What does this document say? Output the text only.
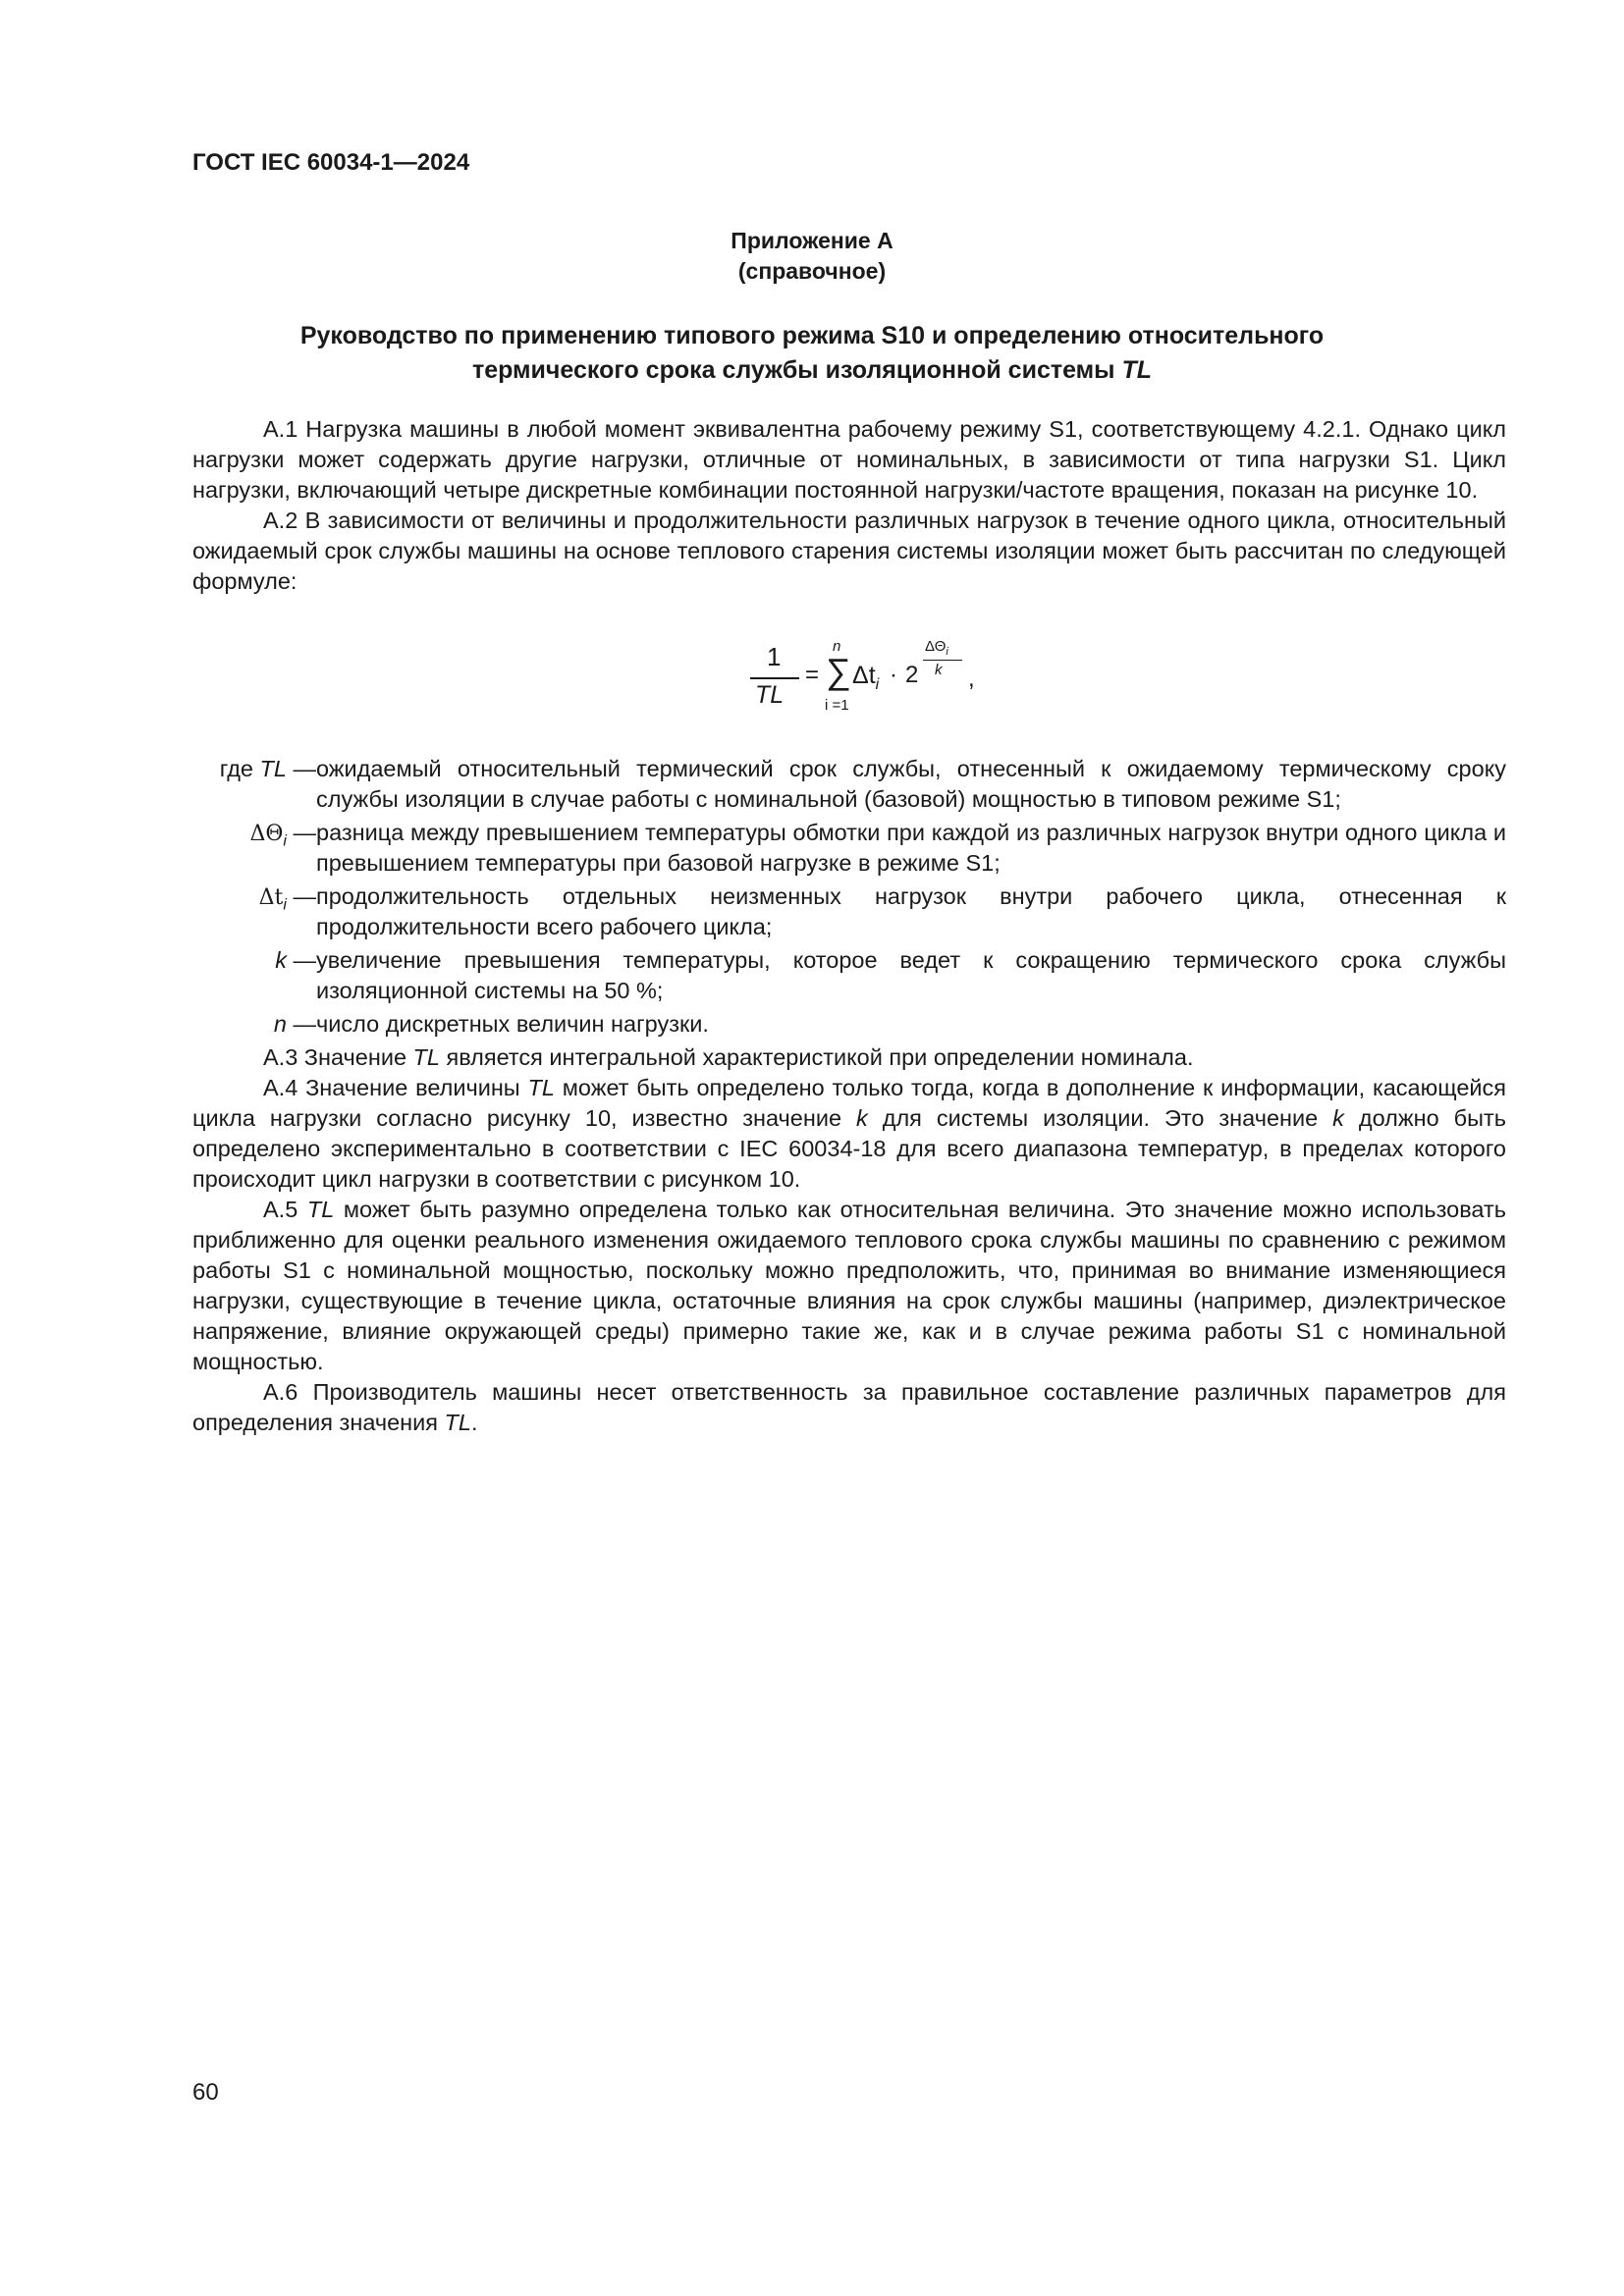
ГОСТ IEC 60034-1—2024
Приложение А
(справочное)
Руководство по применению типового режима S10 и определению относительного
термического срока службы изоляционной системы TL

А.1 Нагрузка машины в любой момент эквивалентна рабочему режиму S1, соответствующему 4.2.1. Однако цикл нагрузки может содержать другие нагрузки, отличные от номинальных, в зависимости от типа нагрузки S1. Цикл нагрузки, включающий четыре дискретные комбинации постоянной нагрузки/частоте вращения, показан на рисунке 10.

А.2 В зависимости от величины и продолжительности различных нагрузок в течение одного цикла, относительный ожидаемый срок службы машины на основе теплового старения системы изоляции может быть рассчитан по следующей формуле:

1
TL
=
n
∑
i =1
$\Delta t_i \cdot 2$
$\Delta\Theta_i$
k ,
где TL — ожидаемый относительный термический срок службы, отнесенный к ожидаемому термическому сроку службы изоляции в случае работы с номинальной (базовой) мощностью в типовом режиме S1;
$\Delta\Theta_i$ — разница между превышением температуры обмотки при каждой из различных нагрузок внутри одного цикла и превышением температуры при базовой нагрузке в режиме S1;
$\Delta t_i$ — продолжительность отдельных неизменных нагрузок внутри рабочего цикла, отнесенная к продолжительности всего рабочего цикла;
k — увеличение превышения температуры, которое ведет к сокращению термического срока службы изоляционной системы на 50 %;
n — число дискретных величин нагрузки.

А.3 Значение TL является интегральной характеристикой при определении номинала.

А.4 Значение величины TL может быть определено только тогда, когда в дополнение к информации, касающейся цикла нагрузки согласно рисунку 10, известно значение k для системы изоляции. Это значение k должно быть определено экспериментально в соответствии с IEC 60034-18 для всего диапазона температур, в пределах которого происходит цикл нагрузки в соответствии с рисунком 10.

А.5 TL может быть разумно определена только как относительная величина. Это значение можно использовать приближенно для оценки реального изменения ожидаемого теплового срока службы машины по сравнению с режимом работы S1 с номинальной мощностью, поскольку можно предположить, что, принимая во внимание изменяющиеся нагрузки, существующие в течение цикла, остаточные влияния на срок службы машины (например, диэлектрическое напряжение, влияние окружающей среды) примерно такие же, как и в случае режима работы S1 с номинальной мощностью.

А.6 Производитель машины несет ответственность за правильное составление различных параметров для определения значения TL.

60
